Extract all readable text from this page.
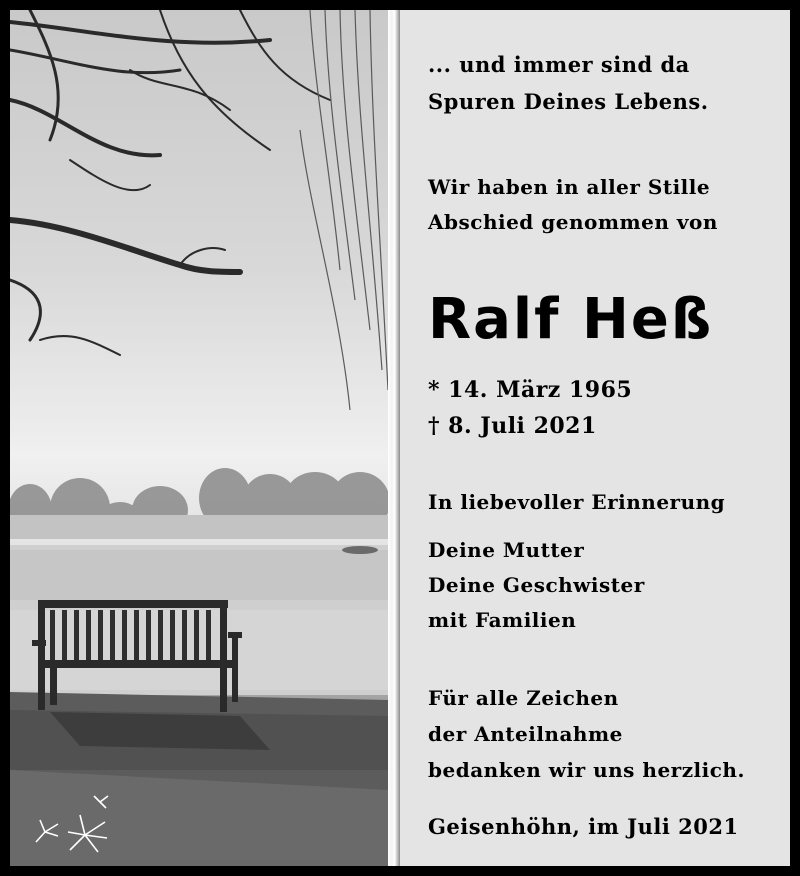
... und immer sind da

Spuren Deines Lebens.

Wir haben in aller Stille

Abschied genommen von

Ralf Heß

* 14. März 1965

† 8. Juli 2021

In liebevoller Erinnerung

Deine Mutter

Deine Geschwister

mit Familien

Für alle Zeichen

der Anteilnahme

bedanken wir uns herzlich.

Geisenhöhn, im Juli 2021
